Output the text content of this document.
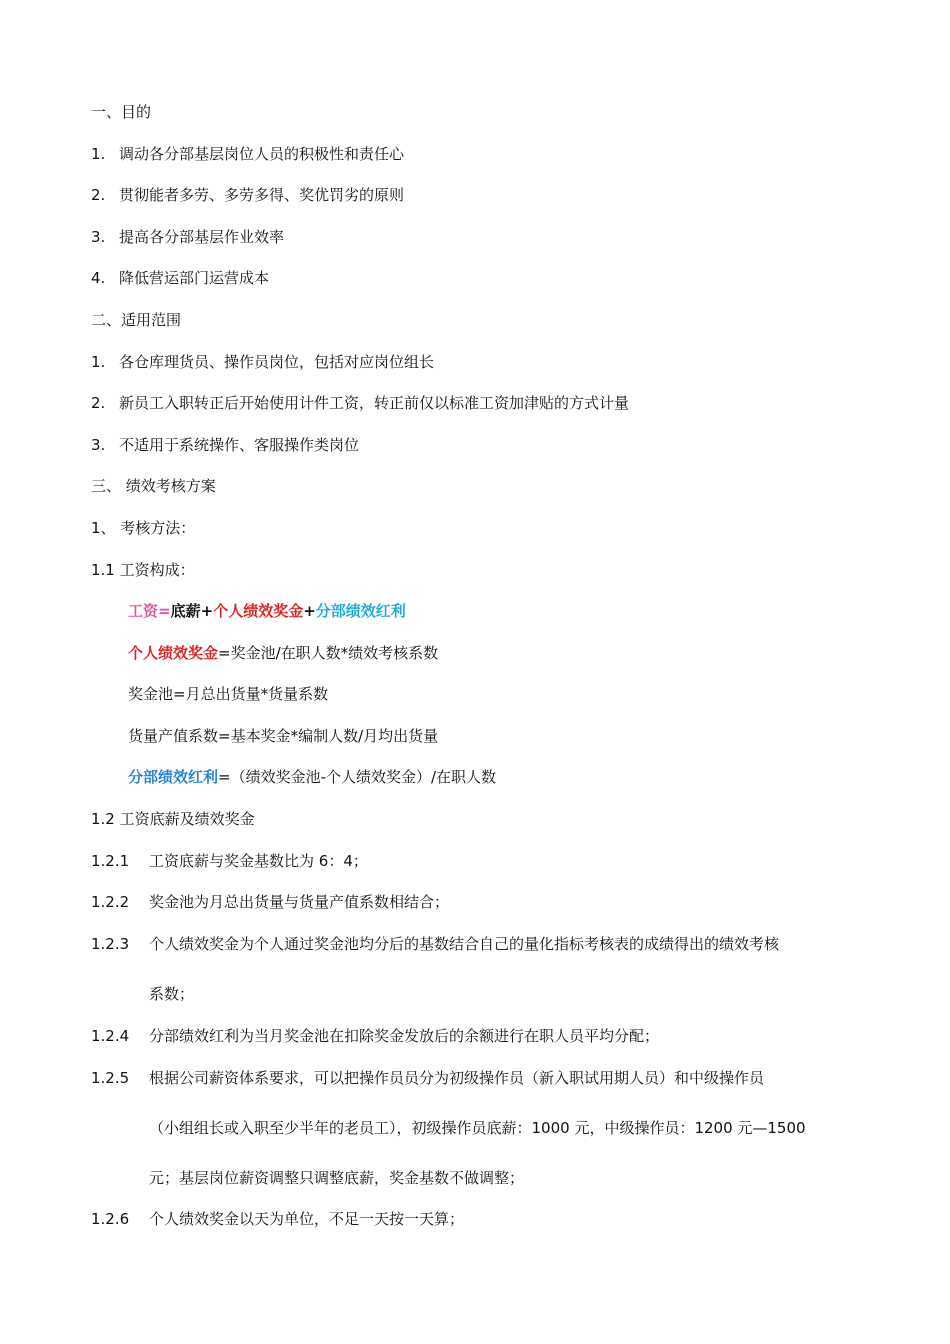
一、目的
1. 调动各分部基层岗位人员的积极性和责任心
2. 贯彻能者多劳、多劳多得、奖优罚劣的原则
3. 提高各分部基层作业效率
4. 降低营运部门运营成本
二、适用范围
1. 各仓库理货员、操作员岗位，包括对应岗位组长
2. 新员工入职转正后开始使用计件工资，转正前仅以标准工资加津贴的方式计量
3. 不适用于系统操作、客服操作类岗位
三、 绩效考核方案
1、 考核方法：
1.1 工资构成：
工资=底薪+个人绩效奖金+分部绩效红利
个人绩效奖金=奖金池/在职人数*绩效考核系数
奖金池=月总出货量*货量系数
货量产值系数=基本奖金*编制人数/月均出货量
分部绩效红利=（绩效奖金池-个人绩效奖金）/在职人数
1.2 工资底薪及绩效奖金
1.2.1 工资底薪与奖金基数比为 6：4；
1.2.2 奖金池为月总出货量与货量产值系数相结合；
1.2.3 个人绩效奖金为个人通过奖金池均分后的基数结合自己的量化指标考核表的成绩得出的绩效考核
系数；
1.2.4 分部绩效红利为当月奖金池在扣除奖金发放后的余额进行在职人员平均分配；
1.2.5 根据公司薪资体系要求，可以把操作员员分为初级操作员（新入职试用期人员）和中级操作员
（小组组长或入职至少半年的老员工），初级操作员底薪：1000 元，中级操作员：1200 元—1500
元；基层岗位薪资调整只调整底薪，奖金基数不做调整；
1.2.6 个人绩效奖金以天为单位，不足一天按一天算；
